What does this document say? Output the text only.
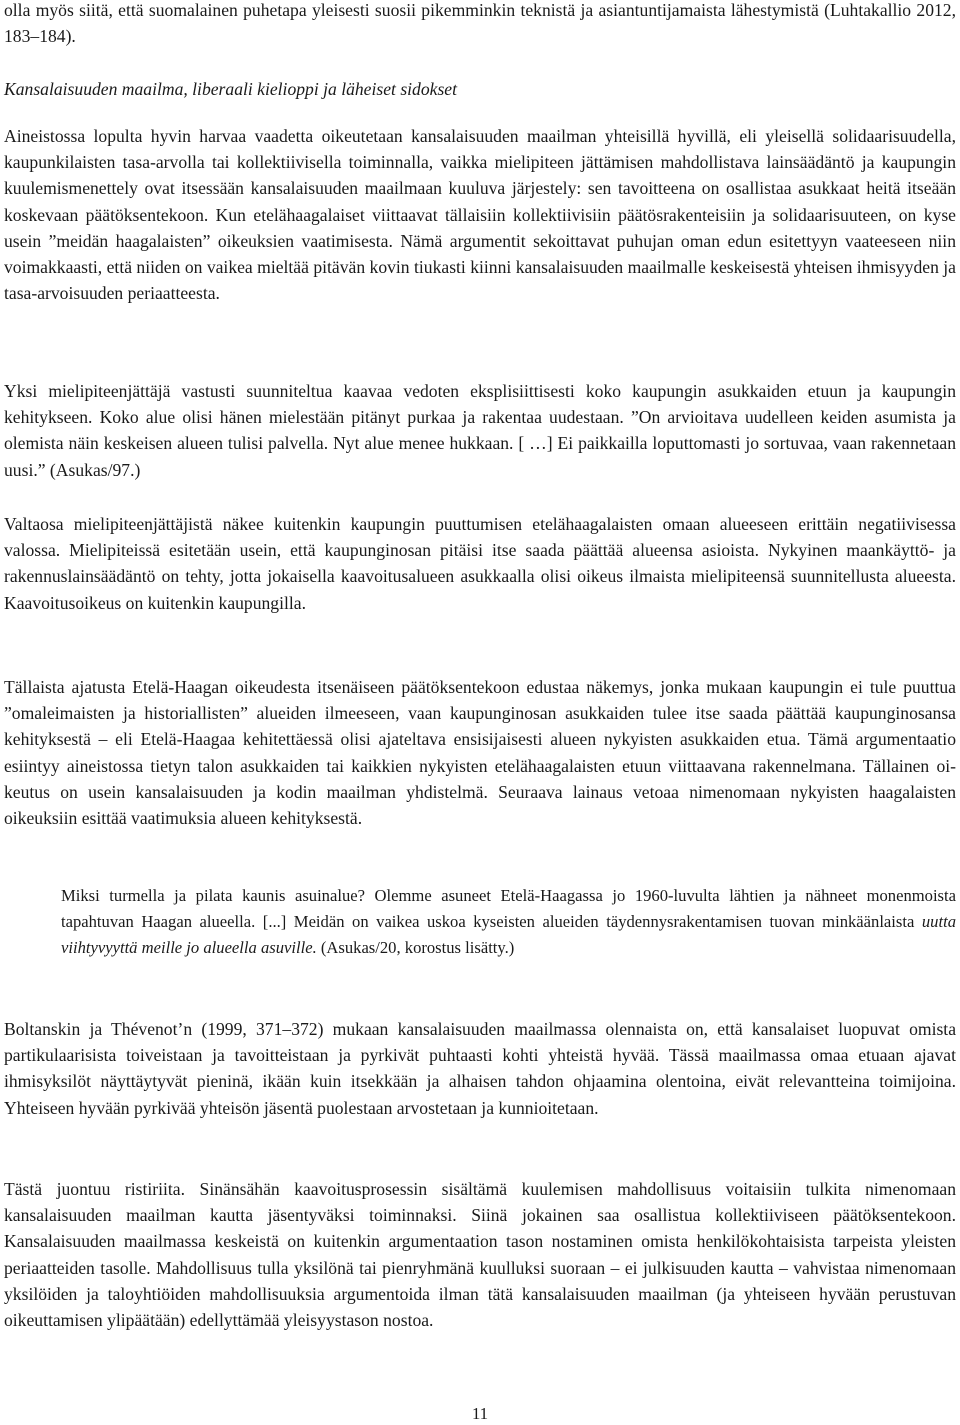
olla myös siitä, että suomalainen puhetapa yleisesti suosii pikemminkin teknistä ja asiantuntijamaista lähestymistä (Luhtakallio 2012, 183–184).

Kansalaisuuden maailma, liberaali kielioppi ja läheiset sidokset

Aineistossa lopulta hyvin harvaa vaadetta oikeutetaan kansalaisuuden maailman yhteisillä hyvillä, eli yleisellä solidaarisuudella, kaupunkilaisten tasa-arvolla tai kollektiivisella toiminnalla, vaikka mielipiteen jättämisen mahdollistava lainsäädäntö ja kaupungin kuulemismenettely ovat itsessään kansalaisuuden maailmaan kuuluva järjestely: sen tavoitteena on osallistaa asukkaat heitä itseään koskevaan päätöksentekoon. Kun etelähaagalaiset viittaavat tällaisiin kollektiivisiin päätösrakenteisiin ja solidaarisuuteen, on kyse usein ”meidän haagalaisten” oikeuksien vaatimisesta. Nämä argumentit sekoittavat puhujan oman edun esitettyyn vaateeseen niin voimakkaasti, että niiden on vaikea mieltää pitävän kovin tiukasti kiinni kansalaisuuden maailmalle keskeisestä yhteisen ihmisyyden ja tasa-arvoisuuden periaatteesta.

Yksi mielipiteenjättäjä vastusti suunniteltua kaavaa vedoten eksplisiittisesti koko kaupungin asukkaiden etuun ja kaupungin kehitykseen. Koko alue olisi hänen mielestään pitänyt purkaa ja rakentaa uudestaan. ”On arvioitava uudelleen keiden asumista ja olemista näin keskeisen alueen tulisi palvella. Nyt alue menee hukkaan. [ …] Ei paikkailla loputtomasti jo sortuvaa, vaan rakennetaan uusi.” (Asukas/97.)

Valtaosa mielipiteenjättäjistä näkee kuitenkin kaupungin puuttumisen etelähaagalaisten omaan alueeseen erittäin negatiivisessa valossa. Mielipiteissä esitetään usein, että kaupunginosan pitäisi itse saada päättää alueensa asioista. Nykyinen maankäyttö- ja rakennuslainsäädäntö on tehty, jotta jokaisella kaavoitusalueen asukkaalla olisi oikeus ilmaista mielipiteensä suunnitellusta alueesta. Kaavoitusoikeus on kuitenkin kaupungilla.

Tällaista ajatusta Etelä-Haagan oikeudesta itsenäiseen päätöksentekoon edustaa näkemys, jonka mukaan kaupungin ei tule puuttua ”omaleimaisten ja historiallisten” alueiden ilmeeseen, vaan kaupunginosan asukkaiden tulee itse saada päättää kaupunginosansa kehityksestä – eli Etelä-Haagaa kehitettäessä olisi ajateltava ensisijaisesti alueen nykyisten asukkaiden etua. Tämä argumentaatio esiintyy aineistossa tietyn talon asukkaiden tai kaikkien nykyisten etelähaagalaisten etuun viittaavana rakennelmana. Tällainen oikeutus on usein kansalaisuuden ja kodin maailman yhdistelmä. Seuraava lainaus vetoaa nimenomaan nykyisten haagalaisten oikeuksiin esittää vaatimuksia alueen kehityksestä.

Miksi turmella ja pilata kaunis asuinalue? Olemme asuneet Etelä-Haagassa jo 1960-luvulta lähtien ja nähneet monenmoista tapahtuvan Haagan alueella. [...] Meidän on vaikea uskoa kyseisten alueiden täydennysrakentamisen tuovan minkäänlaista uutta viihtyvyyttä meille jo alueella asuville. (Asukas/20, korostus lisätty.)

Boltanskin ja Thévenot’n (1999, 371–372) mukaan kansalaisuuden maailmassa olennaista on, että kansalaiset luopuvat omista partikulaarisista toiveistaan ja tavoitteistaan ja pyrkivät puhtaasti kohti yhteistä hyvää. Tässä maailmassa omaa etuaan ajavat ihmisyksilöt näyttäytyvät pieninä, ikään kuin itsekkään ja alhaisen tahdon ohjaamina olentoina, eivät relevantteina toimijoina. Yhteiseen hyvään pyrkivää yhteisön jäsentä puolestaan arvostetaan ja kunnioitetaan.

Tästä juontuu ristiriita. Sinänsähän kaavoitusprosessin sisältämä kuulemisen mahdollisuus voitaisiin tulkita nimenomaan kansalaisuuden maailman kautta jäsentyväksi toiminnaksi. Siinä jokainen saa osallistua kollektiiviseen päätöksentekoon. Kansalaisuuden maailmassa keskeistä on kuitenkin argumentaation tason nostaminen omista henkilökohtaisista tarpeista yleisten periaatteiden tasolle. Mahdollisuus tulla yksilönä tai pienryhmänä kuulluksi suoraan – ei julkisuuden kautta – vahvistaa nimenomaan yksilöiden ja taloyhtiöiden mahdollisuuksia argumentoida ilman tätä kansalaisuuden maailman (ja yhteiseen hyvään perustuvan oikeuttamisen ylipäätään) edellyttämää yleisyystason nostoa.

11
